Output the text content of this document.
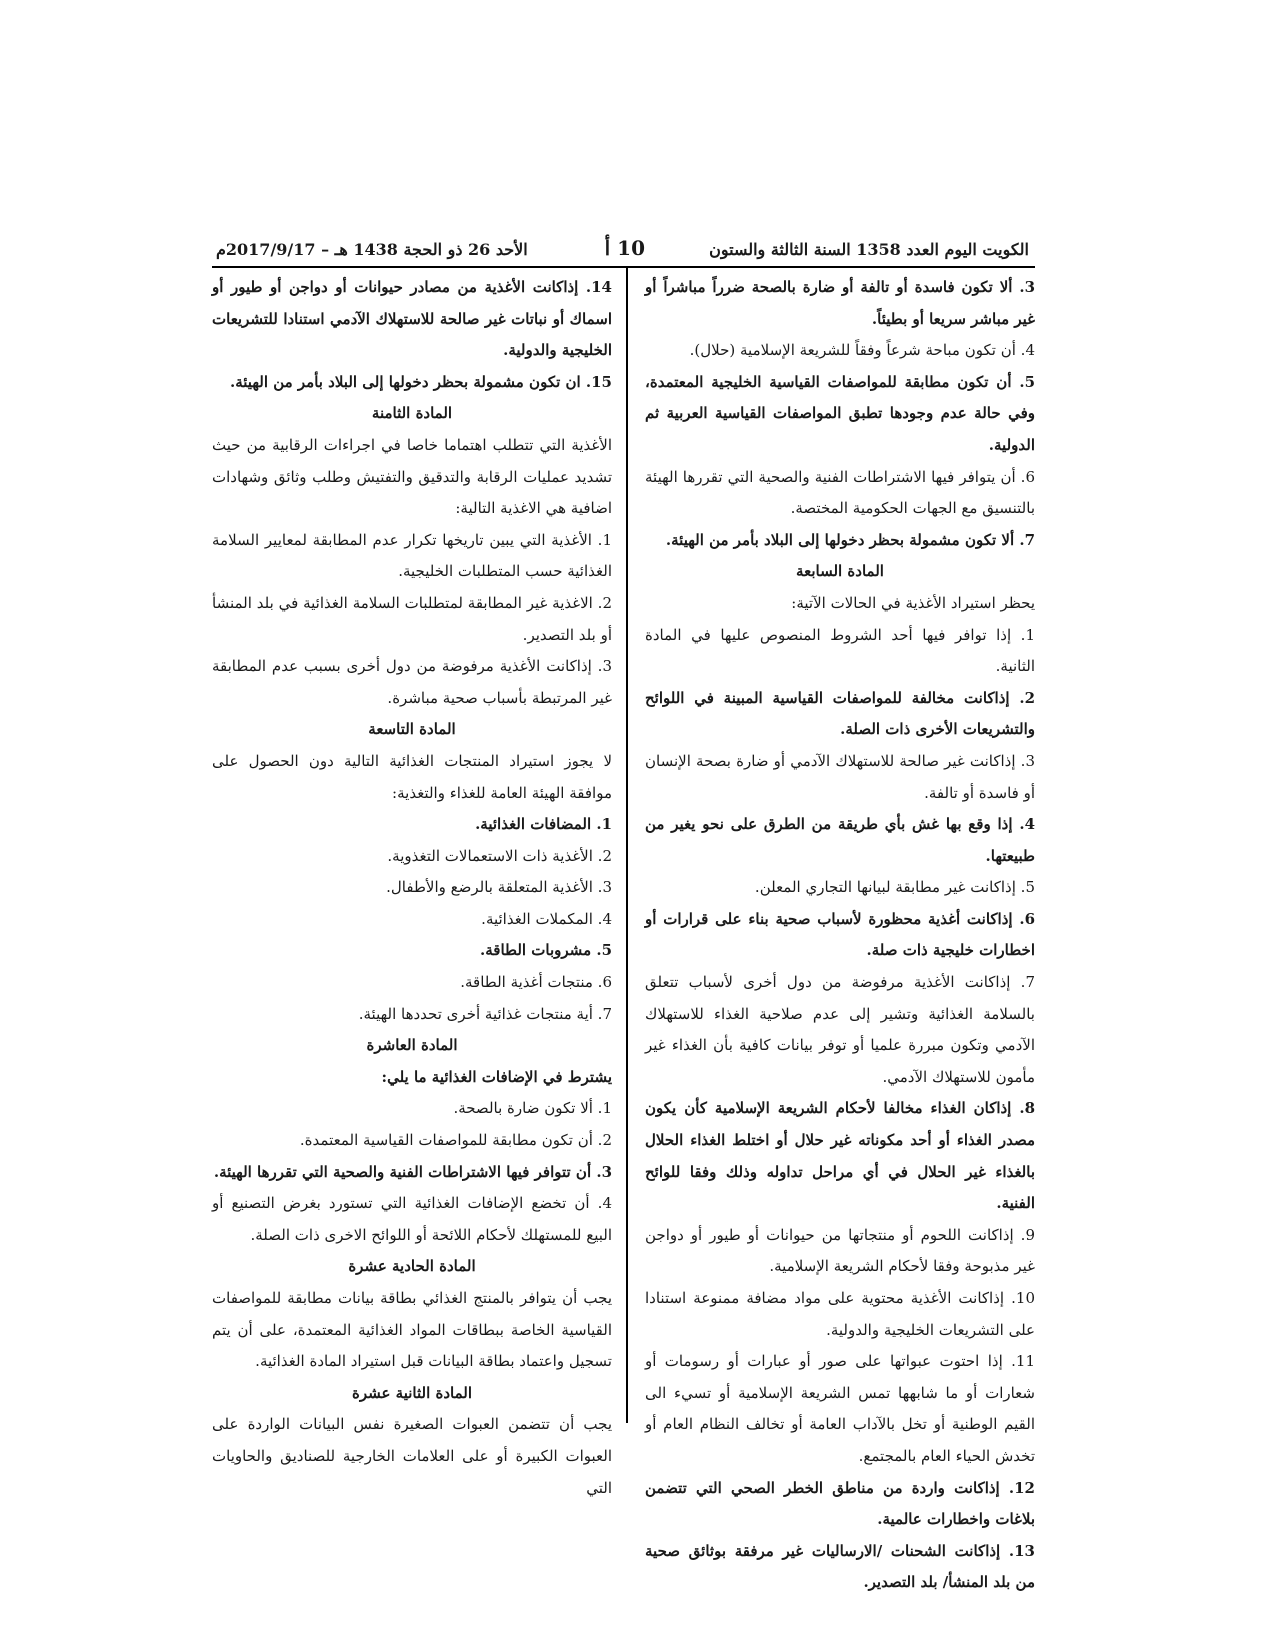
الكويت اليوم العدد 1358 السنة الثالثة والستون
10 أ
الأحد 26 ذو الحجة 1438 هـ – 2017/9/17م

3. ألا تكون فاسدة أو تالفة أو ضارة بالصحة ضرراً مباشراً أو غير مباشر سريعا أو بطيئاً.

4. أن تكون مباحة شرعاً وفقاً للشريعة الإسلامية (حلال).

5. أن تكون مطابقة للمواصفات القياسية الخليجية المعتمدة، وفي حالة عدم وجودها تطبق المواصفات القياسية العربية ثم الدولية.

6. أن يتوافر فيها الاشتراطات الفنية والصحية التي تقررها الهيئة بالتنسيق مع الجهات الحكومية المختصة.

7. ألا تكون مشمولة بحظر دخولها إلى البلاد بأمر من الهيئة.

المادة السابعة

يحظر استيراد الأغذية في الحالات الآتية:

1. إذا توافر فيها أحد الشروط المنصوص عليها في المادة الثانية.

2. إذاكانت مخالفة للمواصفات القياسية المبينة في اللوائح والتشريعات الأخرى ذات الصلة.

3. إذاكانت غير صالحة للاستهلاك الآدمي أو ضارة بصحة الإنسان أو فاسدة أو تالفة.

4. إذا وقع بها غش بأي طريقة من الطرق على نحو يغير من طبيعتها.

5. إذاكانت غير مطابقة لبيانها التجاري المعلن.

6. إذاكانت أغذية محظورة لأسباب صحية بناء على قرارات أو اخطارات خليجية ذات صلة.

7. إذاكانت الأغذية مرفوضة من دول أخرى لأسباب تتعلق بالسلامة الغذائية وتشير إلى عدم صلاحية الغذاء للاستهلاك الآدمي وتكون مبررة علميا أو توفر بيانات كافية بأن الغذاء غير مأمون للاستهلاك الآدمي.

8. إذاكان الغذاء مخالفا لأحكام الشريعة الإسلامية كأن يكون مصدر الغذاء أو أحد مكوناته غير حلال أو اختلط الغذاء الحلال بالغذاء غير الحلال في أي مراحل تداوله وذلك وفقا للوائح الفنية.

9. إذاكانت اللحوم أو منتجاتها من حيوانات أو طيور أو دواجن غير مذبوحة وفقا لأحكام الشريعة الإسلامية.

10. إذاكانت الأغذية محتوية على مواد مضافة ممنوعة استنادا على التشريعات الخليجية والدولية.

11. إذا احتوت عبواتها على صور أو عبارات أو رسومات أو شعارات أو ما شابهها تمس الشريعة الإسلامية أو تسيء الى القيم الوطنية أو تخل بالآداب العامة أو تخالف النظام العام أو تخدش الحياء العام بالمجتمع.

12. إذاكانت واردة من مناطق الخطر الصحي التي تتضمن بلاغات واخطارات عالمية.

13. إذاكانت الشحنات /الارساليات غير مرفقة بوثائق صحية من بلد المنشأ/ بلد التصدير.

14. إذاكانت الأغذية من مصادر حيوانات أو دواجن أو طيور أو اسماك أو نباتات غير صالحة للاستهلاك الآدمي استنادا للتشريعات الخليجية والدولية.

15. ان تكون مشمولة بحظر دخولها إلى البلاد بأمر من الهيئة.

المادة الثامنة

الأغذية التي تتطلب اهتماما خاصا في اجراءات الرقابية من حيث تشديد عمليات الرقابة والتدقيق والتفتيش وطلب وثائق وشهادات اضافية هي الاغذية التالية:

1. الأغذية التي يبين تاريخها تكرار عدم المطابقة لمعايير السلامة الغذائية حسب المتطلبات الخليجية.

2. الاغذية غير المطابقة لمتطلبات السلامة الغذائية في بلد المنشأ أو بلد التصدير.

3. إذاكانت الأغذية مرفوضة من دول أخرى بسبب عدم المطابقة غير المرتبطة بأسباب صحية مباشرة.

المادة التاسعة

لا يجوز استيراد المنتجات الغذائية التالية دون الحصول على موافقة الهيئة العامة للغذاء والتغذية:

1. المضافات الغذائية.

2. الأغذية ذات الاستعمالات التغذوية.

3. الأغذية المتعلقة بالرضع والأطفال.

4. المكملات الغذائية.

5. مشروبات الطاقة.

6. منتجات أغذية الطاقة.

7. أية منتجات غذائية أخرى تحددها الهيئة.

المادة العاشرة

يشترط في الإضافات الغذائية ما يلي:

1. ألا تكون ضارة بالصحة.

2. أن تكون مطابقة للمواصفات القياسية المعتمدة.

3. أن تتوافر فيها الاشتراطات الفنية والصحية التي تقررها الهيئة.

4. أن تخضع الإضافات الغذائية التي تستورد بغرض التصنيع أو البيع للمستهلك لأحكام اللائحة أو اللوائح الاخرى ذات الصلة.

المادة الحادية عشرة

يجب أن يتوافر بالمنتج الغذائي بطاقة بيانات مطابقة للمواصفات القياسية الخاصة ببطاقات المواد الغذائية المعتمدة، على أن يتم تسجيل واعتماد بطاقة البيانات قبل استيراد المادة الغذائية.

المادة الثانية عشرة

يجب أن تتضمن العبوات الصغيرة نفس البيانات الواردة على العبوات الكبيرة أو على العلامات الخارجية للصناديق والحاويات التي
